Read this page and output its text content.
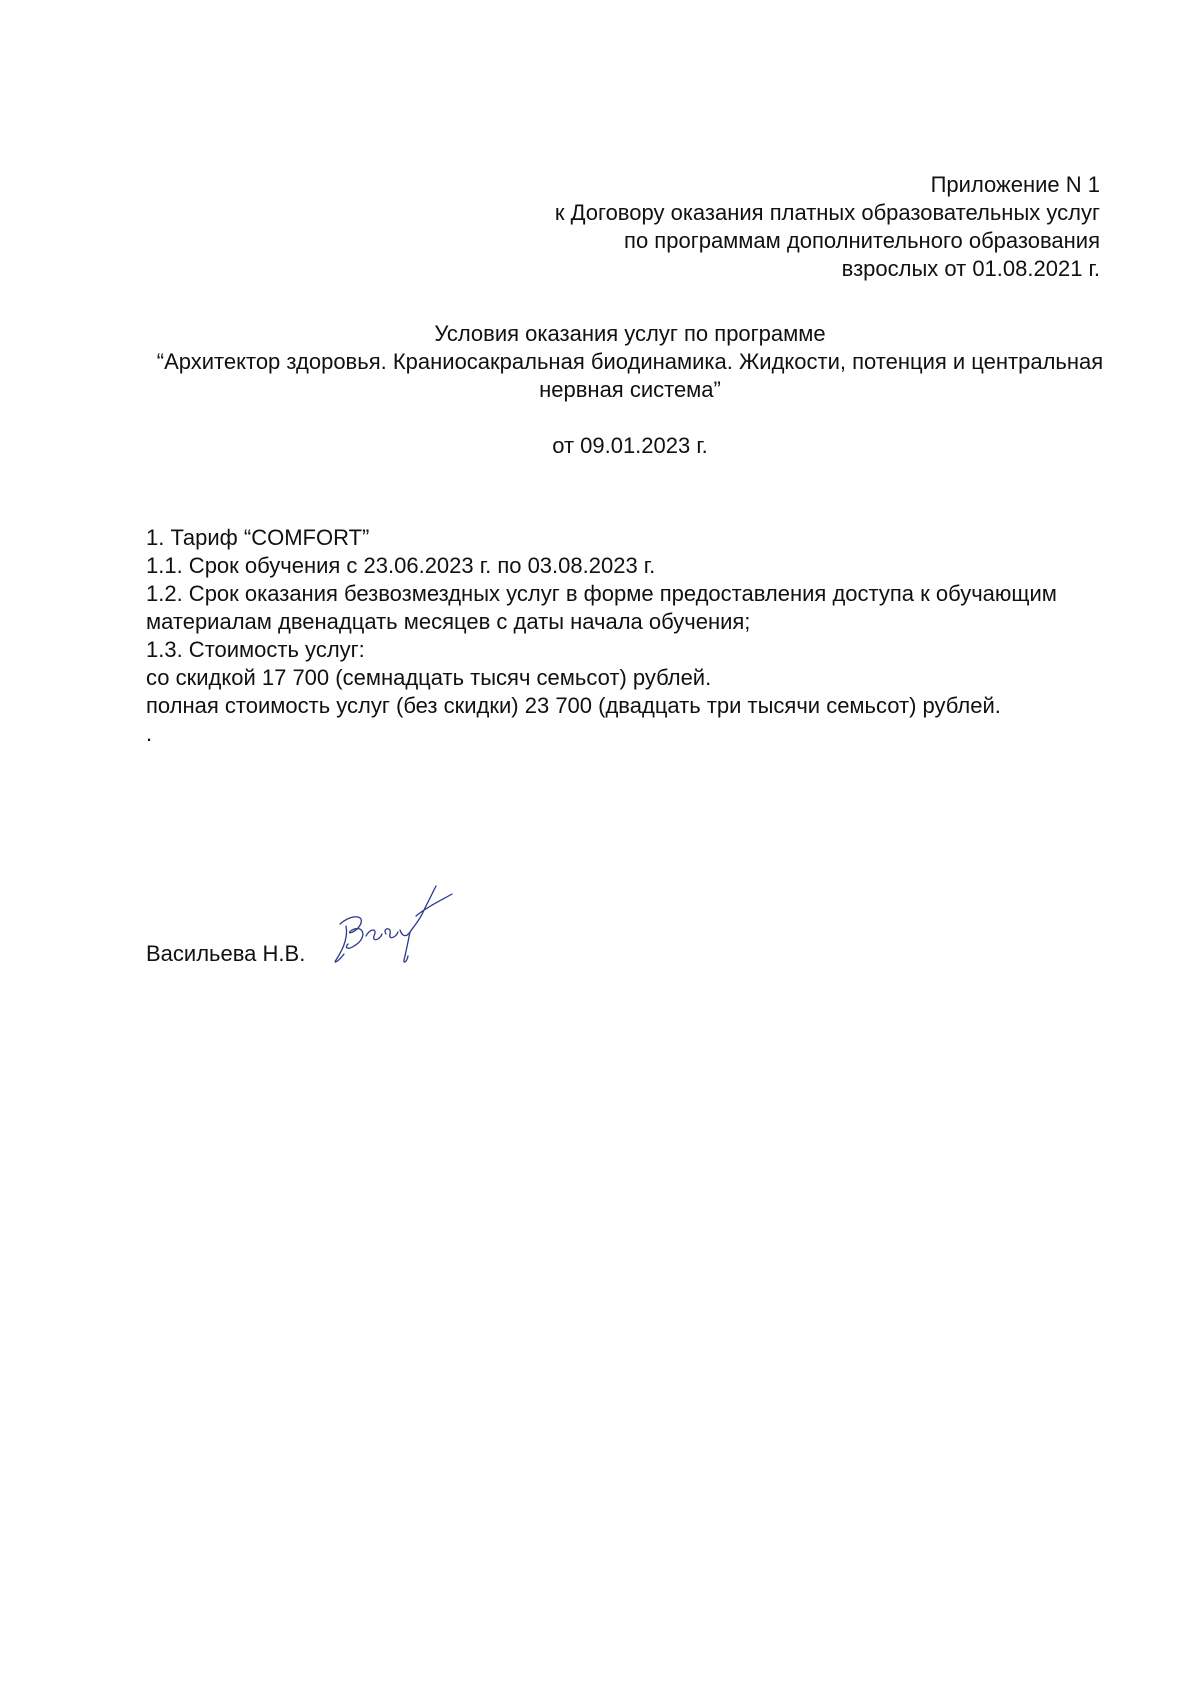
Приложение N 1
к Договору оказания платных образовательных услуг
по программам дополнительного образования
взрослых от 01.08.2021 г.
Условия оказания услуг по программе
“Архитектор здоровья. Краниосакральная биодинамика. Жидкости, потенция и центральная
нервная система”
от 09.01.2023 г.
1. Тариф “COMFORT”
1.1. Срок обучения с 23.06.2023 г. по 03.08.2023 г.
1.2. Срок оказания безвозмездных услуг в форме предоставления доступа к обучающим
материалам двенадцать месяцев с даты начала обучения;
1.3. Стоимость услуг:
со скидкой 17 700 (семнадцать тысяч семьсот) рублей.
полная стоимость услуг (без скидки) 23 700 (двадцать три тысячи семьсот) рублей.
.
Васильева Н.В.
